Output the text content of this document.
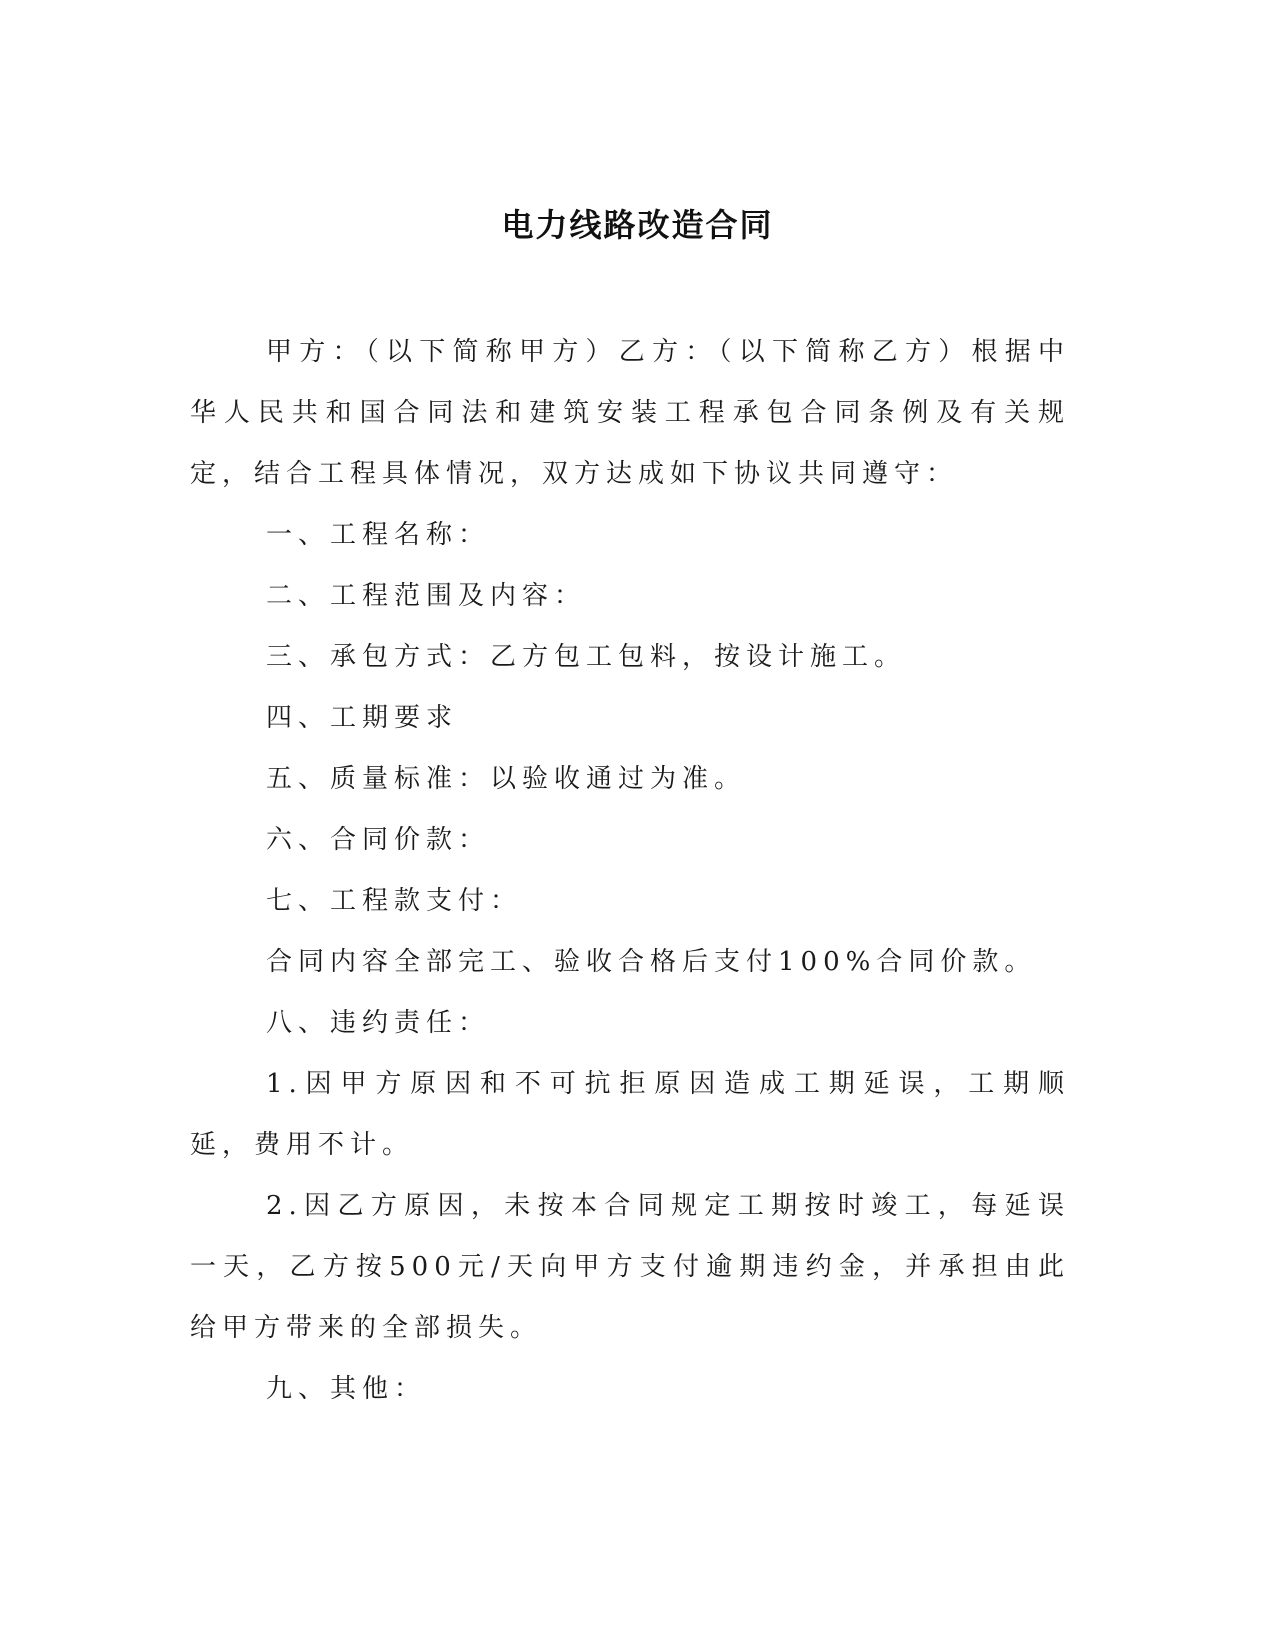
电力线路改造合同

甲方：（以下简称甲方）乙方：（以下简称乙方）根据中华人民共和国合同法和建筑安装工程承包合同条例及有关规定，结合工程具体情况，双方达成如下协议共同遵守：

一、工程名称：

二、工程范围及内容：

三、承包方式：乙方包工包料，按设计施工。

四、工期要求

五、质量标准：以验收通过为准。

六、合同价款：

七、工程款支付：

合同内容全部完工、验收合格后支付100%合同价款。

八、违约责任：

1.因甲方原因和不可抗拒原因造成工期延误，工期顺延，费用不计。

2.因乙方原因，未按本合同规定工期按时竣工，每延误一天，乙方按500元/天向甲方支付逾期违约金，并承担由此给甲方带来的全部损失。

九、其他：
